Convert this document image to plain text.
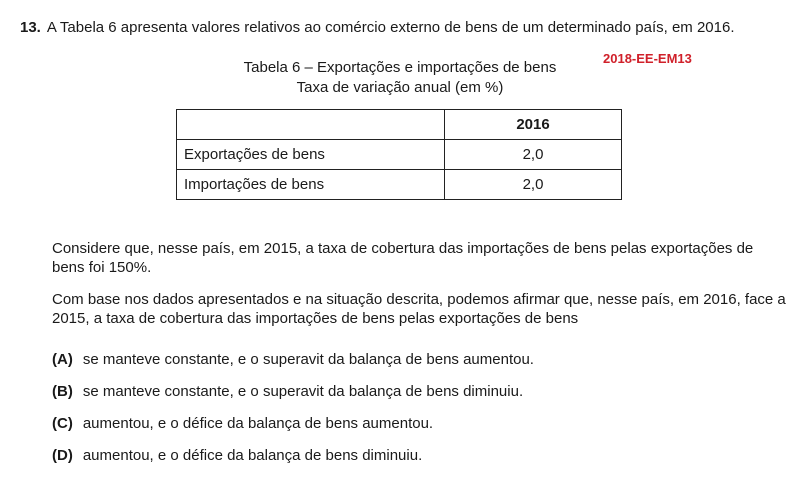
13. A Tabela 6 apresenta valores relativos ao comércio externo de bens de um determinado país, em 2016.
2018-EE-EM13
Tabela 6 – Exportações e importações de bens
Taxa de variação anual (em %)
	2016
Exportações de bens	2,0
Importações de bens	2,0
Considere que, nesse país, em 2015, a taxa de cobertura das importações de bens pelas exportações de bens foi 150%.
Com base nos dados apresentados e na situação descrita, podemos afirmar que, nesse país, em 2016, face a 2015, a taxa de cobertura das importações de bens pelas exportações de bens
(A) se manteve constante, e o superavit da balança de bens aumentou.
(B) se manteve constante, e o superavit da balança de bens diminuiu.
(C) aumentou, e o défice da balança de bens aumentou.
(D) aumentou, e o défice da balança de bens diminuiu.
